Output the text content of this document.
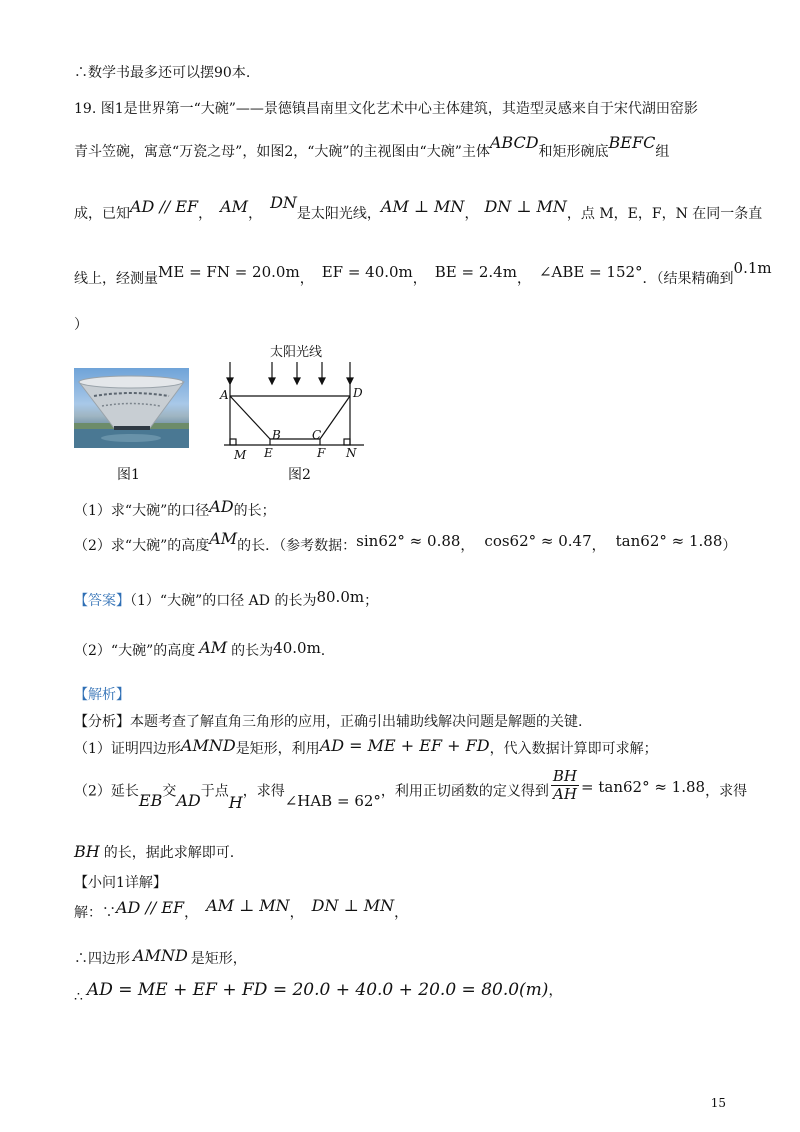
∴数学书最多还可以摆90本.
19. 图1是世界第一“大碗”——景德镇昌南里文化艺术中心主体建筑，其造型灵感来自于宋代湖田窑影
青斗笠碗，寓意“万瓷之母”，如图2，“大碗”的主视图由“大碗”主体ABCD和矩形碗底BEFC组
成，已知AD // EF， AM，DN是太阳光线，AM ⊥ MN， DN ⊥ MN，点 M，E，F，N 在同一条直
线上，经测量ME = FN = 20.0m， EF = 40.0m， BE = 2.4m， ∠ABE = 152°．（结果精确到0.1m
）
图1
太阳光线
A	D
B	C
M E	F N
图2
（1）求“大碗”的口径AD的长；
（2）求“大碗”的高度AM的长．（参考数据：sin62° ≈ 0.88， cos62° ≈ 0.47， tan62° ≈ 1.88）
【答案】（1）“大碗”的口径 AD 的长为80.0m；
（2）“大碗”的高度 AM 的长为40.0m.
【解析】
【分析】本题考查了解直角三角形的应用，正确引出辅助线解决问题是解题的关键.
（1）证明四边形AMND是矩形，利用AD = ME + EF + FD，代入数据计算即可求解；
（2）延长EB交AD于点H，求得∠HAB = 62°，利用正切函数的定义得到 $\frac{BH}{AH} = \tan 62^\circ \approx 1.88$，求得
BH 的长，据此求解即可.
【小问1详解】
解：∵AD // EF， AM ⊥ MN， DN ⊥ MN，
∴四边形 AMND 是矩形，
∴ AD = ME + EF + FD = 20.0 + 40.0 + 20.0 = 80.0(m)，
15
